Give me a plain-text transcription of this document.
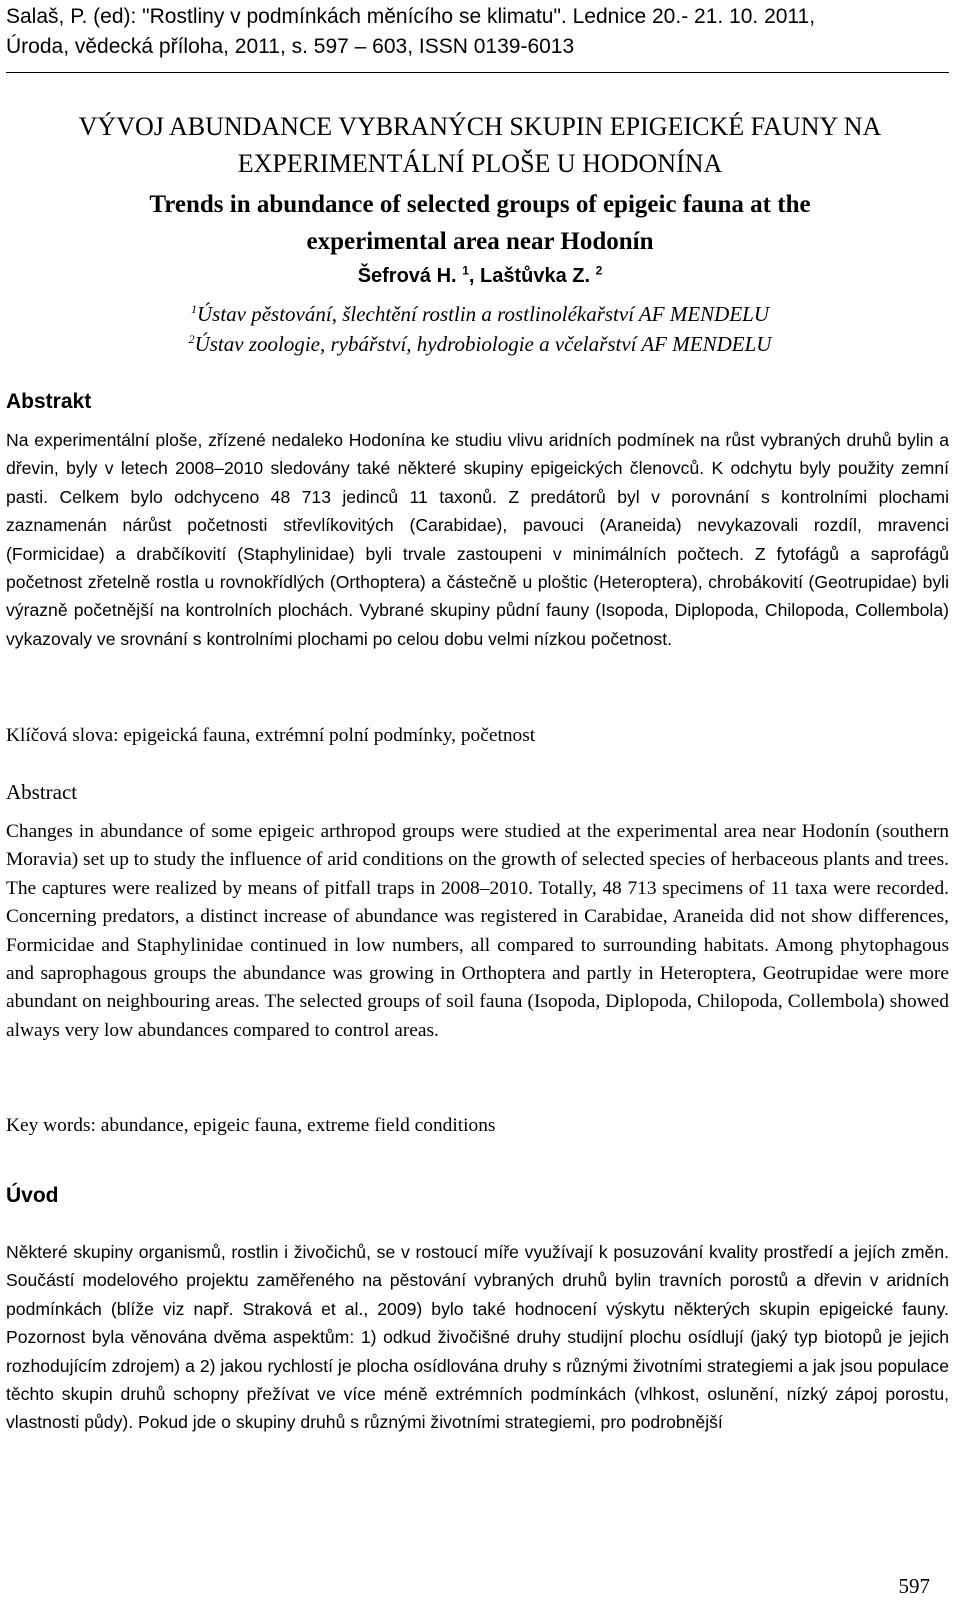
Salaš, P. (ed): "Rostliny v podmínkách měnícího se klimatu". Lednice 20.- 21. 10. 2011,
Úroda, vědecká příloha, 2011, s. 597 – 603, ISSN 0139-6013
VÝVOJ ABUNDANCE VYBRANÝCH SKUPIN EPIGEICKÉ FAUNY NA
EXPERIMENTÁLNÍ PLOŠE U HODONÍNA
Trends in abundance of selected groups of epigeic fauna at the
experimental area near Hodonín
Šefrová H. $^1$, Laštůvka Z. $^2$
$^1$Ústav pěstování, šlechtění rostlin a rostlinolékařství AF MENDELU
$^2$Ústav zoologie, rybářství, hydrobiologie a včelařství AF MENDELU
Abstrakt

Na experimentální ploše, zřízené nedaleko Hodonína ke studiu vlivu aridních podmínek na růst vybraných druhů bylin a dřevin, byly v letech 2008–2010 sledovány také některé skupiny epigeických členovců. K odchytu byly použity zemní pasti. Celkem bylo odchyceno 48 713 jedinců 11 taxonů. Z predátorů byl v porovnání s kontrolními plochami zaznamenán nárůst početnosti střevlíkovitých (Carabidae), pavouci (Araneida) nevykazovali rozdíl, mravenci (Formicidae) a drabčíkovití (Staphylinidae) byli trvale zastoupeni v minimálních počtech. Z fytofágů a saprofágů početnost zřetelně rostla u rovnokřídlých (Orthoptera) a částečně u ploštic (Heteroptera), chrobákovití (Geotrupidae) byli výrazně početnější na kontrolních plochách. Vybrané skupiny půdní fauny (Isopoda, Diplopoda, Chilopoda, Collembola) vykazovaly ve srovnání s kontrolními plochami po celou dobu velmi nízkou početnost.

Klíčová slova: epigeická fauna, extrémní polní podmínky, početnost
Abstract

Changes in abundance of some epigeic arthropod groups were studied at the experimental area near Hodonín (southern Moravia) set up to study the influence of arid conditions on the growth of selected species of herbaceous plants and trees. The captures were realized by means of pitfall traps in 2008–2010. Totally, 48 713 specimens of 11 taxa were recorded. Concerning predators, a distinct increase of abundance was registered in Carabidae, Araneida did not show differences, Formicidae and Staphylinidae continued in low numbers, all compared to surrounding habitats. Among phytophagous and saprophagous groups the abundance was growing in Orthoptera and partly in Heteroptera, Geotrupidae were more abundant on neighbouring areas. The selected groups of soil fauna (Isopoda, Diplopoda, Chilopoda, Collembola) showed always very low abundances compared to control areas.

Key words: abundance, epigeic fauna, extreme field conditions
Úvod

Některé skupiny organismů, rostlin i živočichů, se v rostoucí míře využívají k posuzování kvality prostředí a jejích změn. Součástí modelového projektu zaměřeného na pěstování vybraných druhů bylin travních porostů a dřevin v aridních podmínkách (blíže viz např. Straková et al., 2009) bylo také hodnocení výskytu některých skupin epigeické fauny. Pozornost byla věnována dvěma aspektům: 1) odkud živočišné druhy studijní plochu osídlují (jaký typ biotopů je jejich rozhodujícím zdrojem) a 2) jakou rychlostí je plocha osídlována druhy s různými životními strategiemi a jak jsou populace těchto skupin druhů schopny přežívat ve více méně extrémních podmínkách (vlhkost, oslunění, nízký zápoj porostu, vlastnosti půdy). Pokud jde o skupiny druhů s různými životními strategiemi, pro podrobnější

597
